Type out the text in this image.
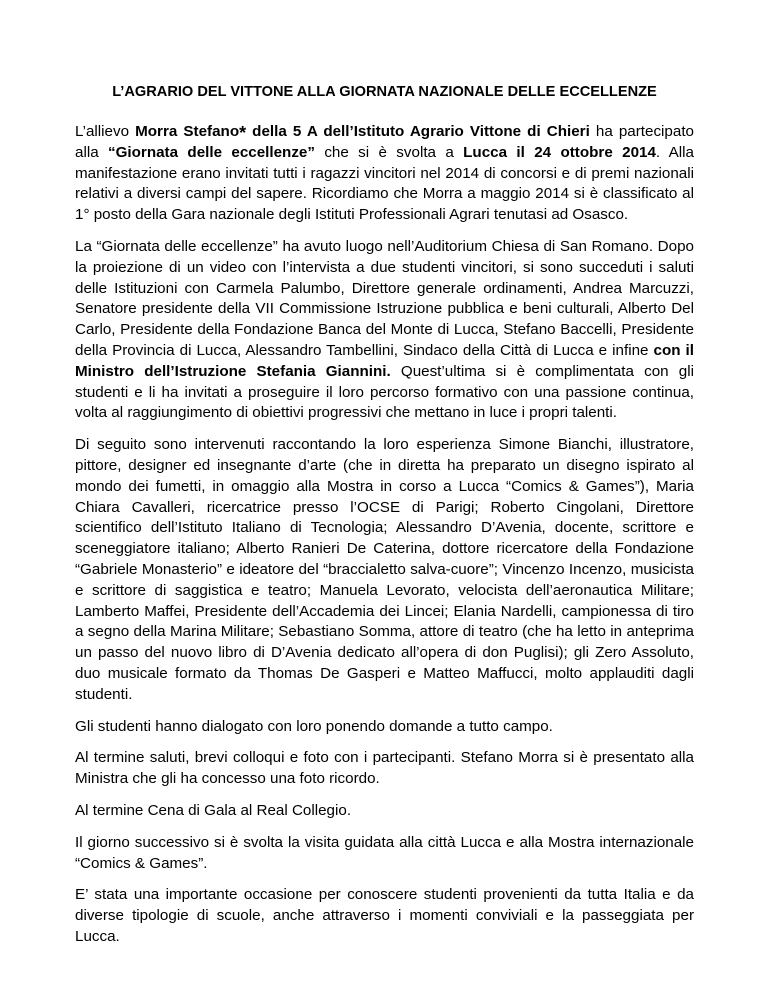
L’AGRARIO DEL VITTONE ALLA GIORNATA NAZIONALE DELLE ECCELLENZE

L’allievo Morra Stefano* della 5 A dell’Istituto Agrario Vittone di Chieri ha partecipato alla “Giornata delle eccellenze” che si è svolta a Lucca il 24 ottobre 2014. Alla manifestazione erano invitati tutti i ragazzi vincitori nel 2014 di concorsi e di premi nazionali relativi a diversi campi del sapere. Ricordiamo che Morra a maggio 2014 si è classificato al 1° posto della Gara nazionale degli Istituti Professionali Agrari tenutasi ad Osasco.

La “Giornata delle eccellenze” ha avuto luogo nell’Auditorium Chiesa di San Romano. Dopo la proiezione di un video con l’intervista a due studenti vincitori, si sono succeduti i saluti delle Istituzioni con Carmela Palumbo, Direttore generale ordinamenti, Andrea Marcuzzi, Senatore presidente della VII Commissione Istruzione pubblica e beni culturali, Alberto Del Carlo, Presidente della Fondazione Banca del Monte di Lucca, Stefano Baccelli, Presidente della Provincia di Lucca, Alessandro Tambellini, Sindaco della Città di Lucca e infine con il Ministro dell’Istruzione Stefania Giannini. Quest’ultima si è complimentata con gli studenti e li ha invitati a proseguire il loro percorso formativo con una passione continua, volta al raggiungimento di obiettivi progressivi che mettano in luce i propri talenti.

Di seguito sono intervenuti raccontando la loro esperienza Simone Bianchi, illustratore, pittore, designer ed insegnante d’arte (che in diretta ha preparato un disegno ispirato al mondo dei fumetti, in omaggio alla Mostra in corso a Lucca “Comics & Games”), Maria Chiara Cavalleri, ricercatrice presso l’OCSE di Parigi; Roberto Cingolani, Direttore scientifico dell’Istituto Italiano di Tecnologia; Alessandro D’Avenia, docente, scrittore e sceneggiatore italiano; Alberto Ranieri De Caterina, dottore ricercatore della Fondazione “Gabriele Monasterio” e ideatore del “braccialetto salva-cuore”; Vincenzo Incenzo, musicista e scrittore di saggistica e teatro; Manuela Levorato, velocista dell’aeronautica Militare; Lamberto Maffei, Presidente dell’Accademia dei Lincei; Elania Nardelli, campionessa di tiro a segno della Marina Militare; Sebastiano Somma, attore di teatro (che ha letto in anteprima un passo del nuovo libro di D’Avenia dedicato all’opera di don Puglisi); gli Zero Assoluto, duo musicale formato da Thomas De Gasperi e Matteo Maffucci, molto applauditi dagli studenti.

Gli studenti hanno dialogato con loro ponendo domande a tutto campo.

Al termine saluti, brevi colloqui e foto con i partecipanti. Stefano Morra si è presentato alla Ministra che gli ha concesso una foto ricordo.

Al termine Cena di Gala al Real Collegio.

Il giorno successivo si è svolta la visita guidata alla città Lucca e alla Mostra internazionale “Comics & Games”.

E’ stata una importante occasione per conoscere studenti provenienti da tutta Italia e da diverse tipologie di scuole, anche attraverso i momenti conviviali e la passeggiata per Lucca.
